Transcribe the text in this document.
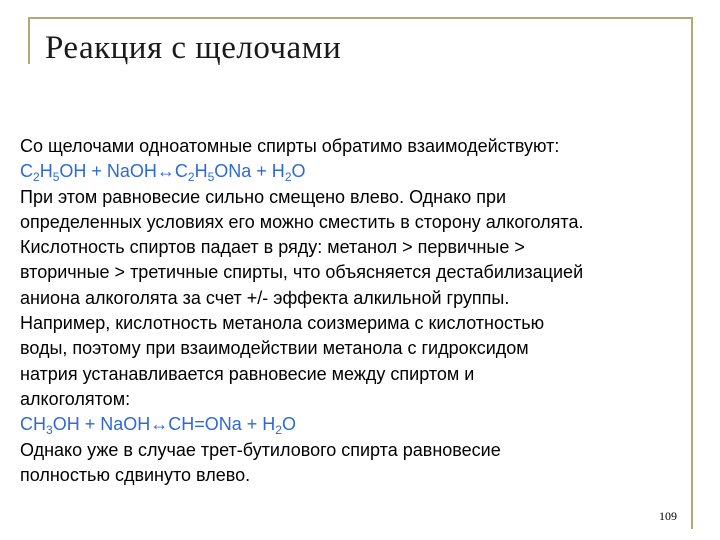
Реакция с щелочами
Со щелочами одноатомные спирты обратимо взаимодействуют:
$C_2H_5OH$ + $NaOH\leftrightarrow C_2H_5ONa + H_2O$
При этом равновесие сильно смещено влево. Однако при
определенных условиях его можно сместить в сторону алкоголята.
Кислотность спиртов падает в ряду: метанол > первичные >
вторичные > третичные спирты, что объясняется дестабилизацией
аниона алкоголята за счет +/- эффекта алкильной группы.
Например, кислотность метанола соизмерима с кислотностью
воды, поэтому при взаимодействии метанола с гидроксидом
натрия устанавливается равновесие между спиртом и
алкоголятом:
$CH_3OH$ + NaOH↔CH=ONa + $H_2O$
Однако уже в случае трет-бутилового спирта равновесие
полностью сдвинуто влево.
109
